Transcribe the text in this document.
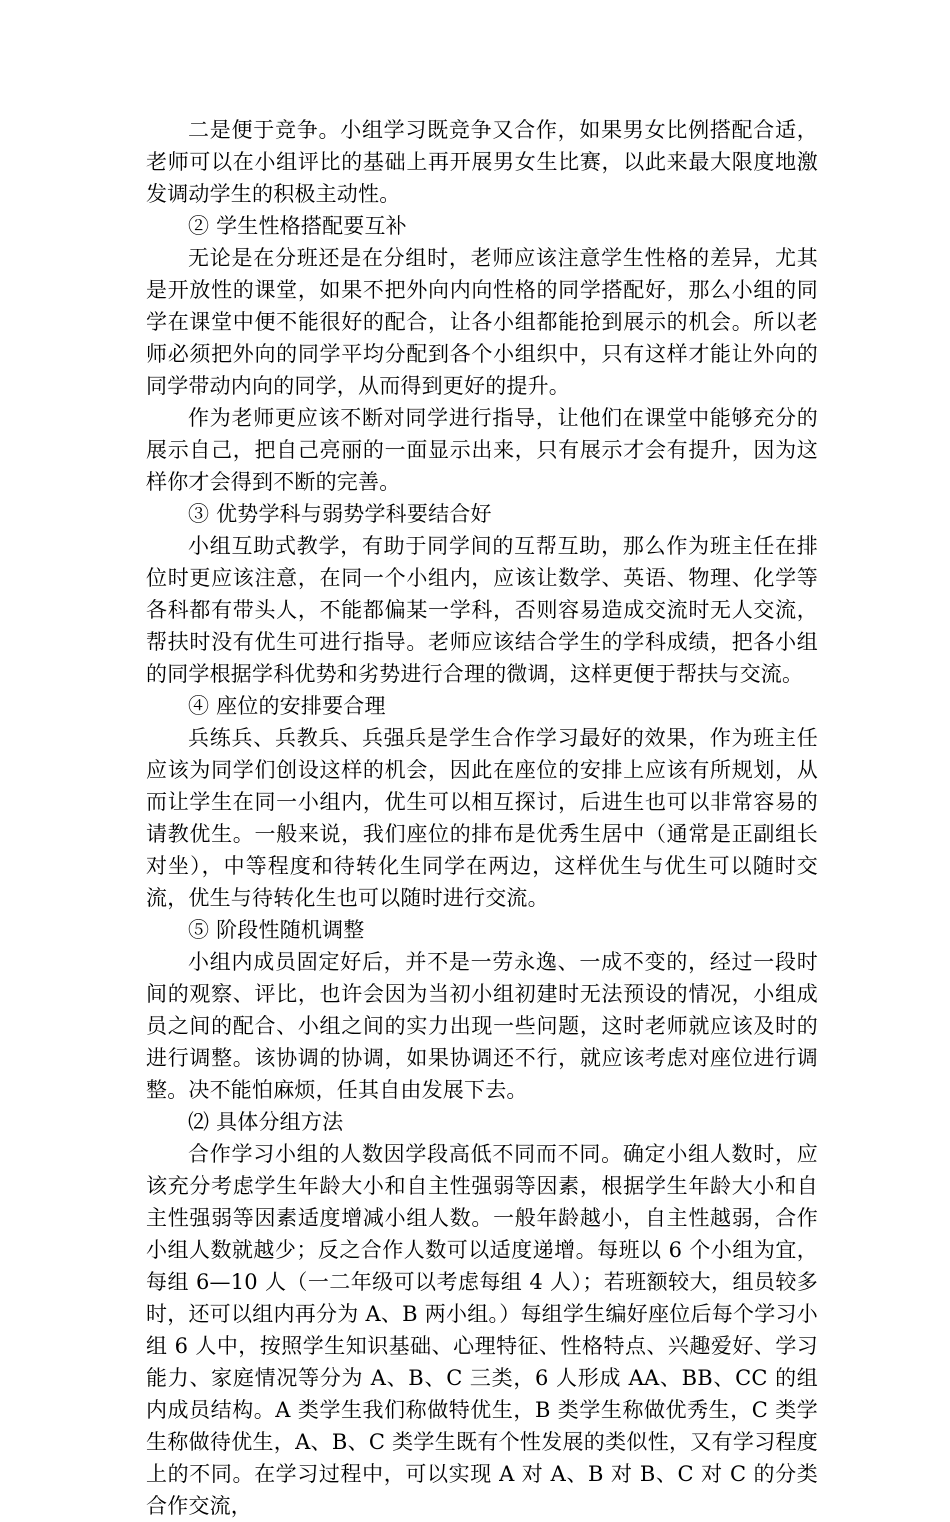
二是便于竞争。小组学习既竞争又合作，如果男女比例搭配合适，老师可以在小组评比的基础上再开展男女生比赛，以此来最大限度地激发调动学生的积极主动性。

② 学生性格搭配要互补

无论是在分班还是在分组时，老师应该注意学生性格的差异，尤其是开放性的课堂，如果不把外向内向性格的同学搭配好，那么小组的同学在课堂中便不能很好的配合，让各小组都能抢到展示的机会。所以老师必须把外向的同学平均分配到各个小组织中，只有这样才能让外向的同学带动内向的同学，从而得到更好的提升。

作为老师更应该不断对同学进行指导，让他们在课堂中能够充分的展示自己，把自己亮丽的一面显示出来，只有展示才会有提升，因为这样你才会得到不断的完善。

③ 优势学科与弱势学科要结合好

小组互助式教学，有助于同学间的互帮互助，那么作为班主任在排位时更应该注意，在同一个小组内，应该让数学、英语、物理、化学等各科都有带头人，不能都偏某一学科，否则容易造成交流时无人交流，帮扶时没有优生可进行指导。老师应该结合学生的学科成绩，把各小组的同学根据学科优势和劣势进行合理的微调，这样更便于帮扶与交流。

④ 座位的安排要合理

兵练兵、兵教兵、兵强兵是学生合作学习最好的效果，作为班主任应该为同学们创设这样的机会，因此在座位的安排上应该有所规划，从而让学生在同一小组内，优生可以相互探讨，后进生也可以非常容易的请教优生。一般来说，我们座位的排布是优秀生居中（通常是正副组长对坐），中等程度和待转化生同学在两边，这样优生与优生可以随时交流，优生与待转化生也可以随时进行交流。

⑤ 阶段性随机调整

小组内成员固定好后，并不是一劳永逸、一成不变的，经过一段时间的观察、评比，也许会因为当初小组初建时无法预设的情况，小组成员之间的配合、小组之间的实力出现一些问题，这时老师就应该及时的进行调整。该协调的协调，如果协调还不行，就应该考虑对座位进行调整。决不能怕麻烦，任其自由发展下去。

⑵ 具体分组方法

合作学习小组的人数因学段高低不同而不同。确定小组人数时，应该充分考虑学生年龄大小和自主性强弱等因素，根据学生年龄大小和自主性强弱等因素适度增减小组人数。一般年龄越小，自主性越弱，合作小组人数就越少；反之合作人数可以适度递增。每班以 6 个小组为宜，每组 6—10 人（一二年级可以考虑每组 4 人）；若班额较大，组员较多时，还可以组内再分为 A、B 两小组。）每组学生编好座位后每个学习小组 6 人中，按照学生知识基础、心理特征、性格特点、兴趣爱好、学习能力、家庭情况等分为 A、B、C 三类，6 人形成 AA、BB、CC 的组内成员结构。A 类学生我们称做特优生，B 类学生称做优秀生，C 类学生称做待优生，A、B、C 类学生既有个性发展的类似性，又有学习程度上的不同。在学习过程中，可以实现 A 对 A、B 对 B、C 对 C 的分类合作交流，
